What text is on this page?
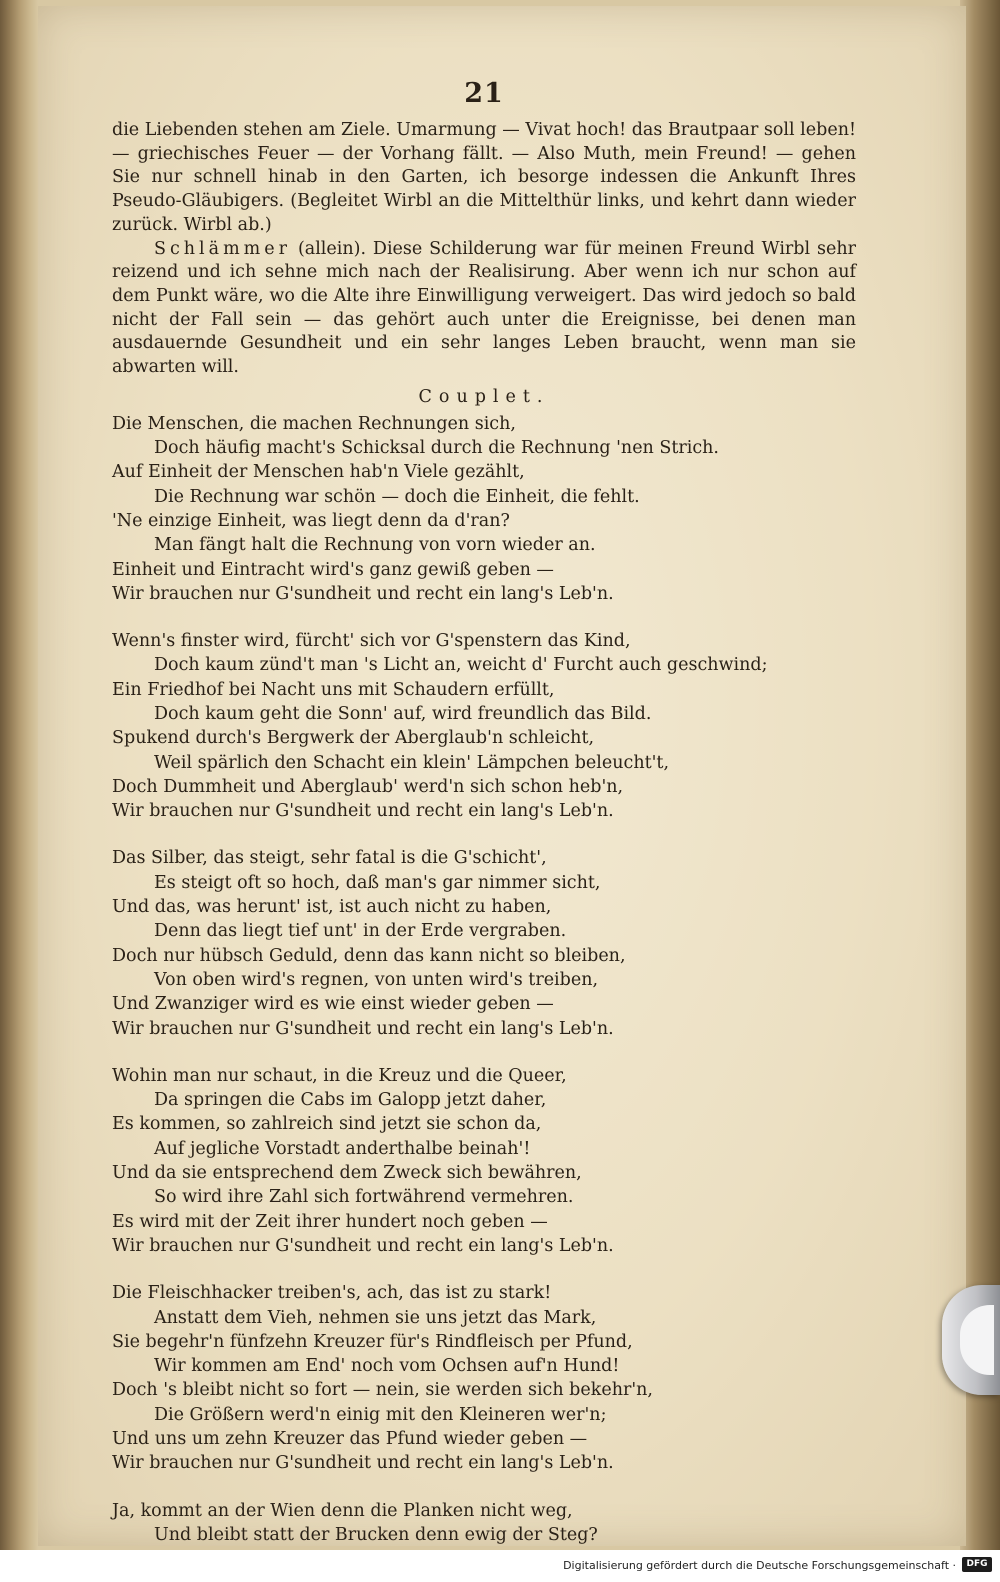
21

die Liebenden stehen am Ziele. Umarmung — Vivat hoch! das Brautpaar soll leben! — griechisches Feuer — der Vorhang fällt. — Also Muth, mein Freund! — gehen Sie nur schnell hinab in den Garten, ich besorge indessen die Ankunft Ihres Pseudo-Gläubigers. (Begleitet Wirbl an die Mittelthür links, und kehrt dann wieder zurück. Wirbl ab.)

Schlämmer (allein). Diese Schilderung war für meinen Freund Wirbl sehr reizend und ich sehne mich nach der Realisirung. Aber wenn ich nur schon auf dem Punkt wäre, wo die Alte ihre Einwilligung verweigert. Das wird jedoch so bald nicht der Fall sein — das gehört auch unter die Ereignisse, bei denen man ausdauernde Gesundheit und ein sehr langes Leben braucht, wenn man sie abwarten will.

Couplet.
Die Menschen, die machen Rechnungen sich,
Doch häufig macht's Schicksal durch die Rechnung 'nen Strich.
Auf Einheit der Menschen hab'n Viele gezählt,
Die Rechnung war schön — doch die Einheit, die fehlt.
'Ne einzige Einheit, was liegt denn da d'ran?
Man fängt halt die Rechnung von vorn wieder an.
Einheit und Eintracht wird's ganz gewiß geben —
Wir brauchen nur G'sundheit und recht ein lang's Leb'n.
Wenn's finster wird, fürcht' sich vor G'spenstern das Kind,
Doch kaum zünd't man 's Licht an, weicht d' Furcht auch geschwind;
Ein Friedhof bei Nacht uns mit Schaudern erfüllt,
Doch kaum geht die Sonn' auf, wird freundlich das Bild.
Spukend durch's Bergwerk der Aberglaub'n schleicht,
Weil spärlich den Schacht ein klein' Lämpchen beleucht't,
Doch Dummheit und Aberglaub' werd'n sich schon heb'n,
Wir brauchen nur G'sundheit und recht ein lang's Leb'n.
Das Silber, das steigt, sehr fatal is die G'schicht',
Es steigt oft so hoch, daß man's gar nimmer sicht,
Und das, was herunt' ist, ist auch nicht zu haben,
Denn das liegt tief unt' in der Erde vergraben.
Doch nur hübsch Geduld, denn das kann nicht so bleiben,
Von oben wird's regnen, von unten wird's treiben,
Und Zwanziger wird es wie einst wieder geben —
Wir brauchen nur G'sundheit und recht ein lang's Leb'n.
Wohin man nur schaut, in die Kreuz und die Queer,
Da springen die Cabs im Galopp jetzt daher,
Es kommen, so zahlreich sind jetzt sie schon da,
Auf jegliche Vorstadt anderthalbe beinah'!
Und da sie entsprechend dem Zweck sich bewähren,
So wird ihre Zahl sich fortwährend vermehren.
Es wird mit der Zeit ihrer hundert noch geben —
Wir brauchen nur G'sundheit und recht ein lang's Leb'n.
Die Fleischhacker treiben's, ach, das ist zu stark!
Anstatt dem Vieh, nehmen sie uns jetzt das Mark,
Sie begehr'n fünfzehn Kreuzer für's Rindfleisch per Pfund,
Wir kommen am End' noch vom Ochsen auf'n Hund!
Doch 's bleibt nicht so fort — nein, sie werden sich bekehr'n,
Die Größern werd'n einig mit den Kleineren wer'n;
Und uns um zehn Kreuzer das Pfund wieder geben —
Wir brauchen nur G'sundheit und recht ein lang's Leb'n.
Ja, kommt an der Wien denn die Planken nicht weg,
Und bleibt statt der Brucken denn ewig der Steg?
Digitalisierung gefördert durch die Deutsche Forschungsgemeinschaft ·	DFG
